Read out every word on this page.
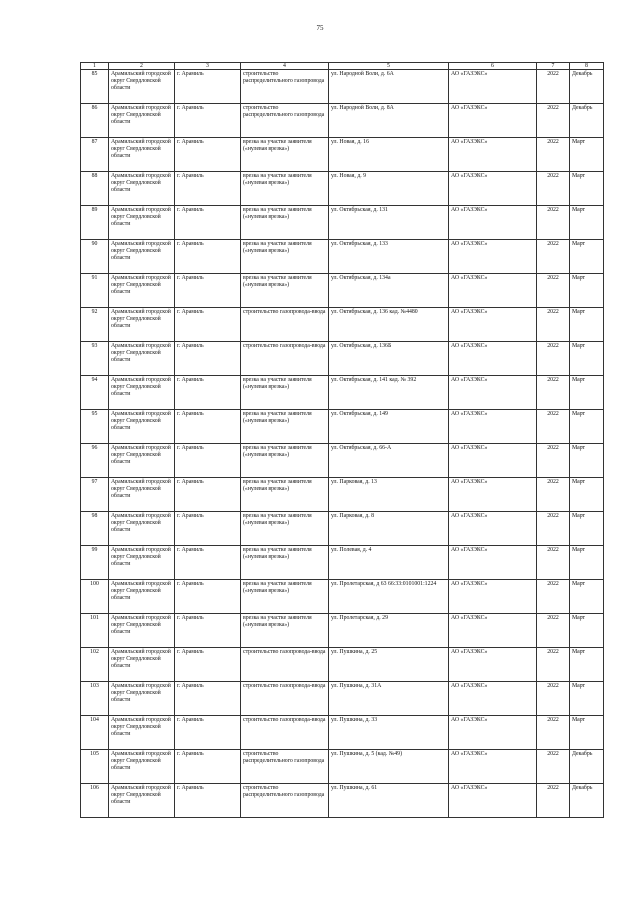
75
1	2	3	4	5	6	7	8
85	Арамильский городской округ Свердловской области	г. Арамиль	строительство распределительного газопровода	ул. Народной Воли, д. 6А	АО «ГАЗЭКС»	2022	Декабрь
86	Арамильский городской округ Свердловской области	г. Арамиль	строительство распределительного газопровода	ул. Народной Воли, д. 8А	АО «ГАЗЭКС»	2022	Декабрь
87	Арамильский городской округ Свердловской области	г. Арамиль	врезка на участке заявителя («нулевая врезка»)	ул. Новая, д. 16	АО «ГАЗЭКС»	2022	Март
88	Арамильский городской округ Свердловской области	г. Арамиль	врезка на участке заявителя («нулевая врезка»)	ул. Новая, д. 9	АО «ГАЗЭКС»	2022	Март
89	Арамильский городской округ Свердловской области	г. Арамиль	врезка на участке заявителя («нулевая врезка»)	ул. Октябрьская, д. 131	АО «ГАЗЭКС»	2022	Март
90	Арамильский городской округ Свердловской области	г. Арамиль	врезка на участке заявителя («нулевая врезка»)	ул. Октябрьская, д. 133	АО «ГАЗЭКС»	2022	Март
91	Арамильский городской округ Свердловской области	г. Арамиль	врезка на участке заявителя («нулевая врезка»)	ул. Октябрьская, д. 134а	АО «ГАЗЭКС»	2022	Март
92	Арамильский городской округ Свердловской области	г. Арамиль	строительство газопровода-ввода	ул. Октябрьская, д. 136 кад. №4480	АО «ГАЗЭКС»	2022	Март
93	Арамильский городской округ Свердловской области	г. Арамиль	строительство газопровода-ввода	ул. Октябрьская, д. 136Б	АО «ГАЗЭКС»	2022	Март
94	Арамильский городской округ Свердловской области	г. Арамиль	врезка на участке заявителя («нулевая врезка»)	ул. Октябрьская, д. 141 кад. № 392	АО «ГАЗЭКС»	2022	Март
95	Арамильский городской округ Свердловской области	г. Арамиль	врезка на участке заявителя («нулевая врезка»)	ул. Октябрьская, д. 149	АО «ГАЗЭКС»	2022	Март
96	Арамильский городской округ Свердловской области	г. Арамиль	врезка на участке заявителя («нулевая врезка»)	ул. Октябрьская, д. 66-А	АО «ГАЗЭКС»	2022	Март
97	Арамильский городской округ Свердловской области	г. Арамиль	врезка на участке заявителя («нулевая врезка»)	ул. Парковая, д. 13	АО «ГАЗЭКС»	2022	Март
98	Арамильский городской округ Свердловской области	г. Арамиль	врезка на участке заявителя («нулевая врезка»)	ул. Парковая, д. 8	АО «ГАЗЭКС»	2022	Март
99	Арамильский городской округ Свердловской области	г. Арамиль	врезка на участке заявителя («нулевая врезка»)	ул. Полевая, д. 4	АО «ГАЗЭКС»	2022	Март
100	Арамильский городской округ Свердловской области	г. Арамиль	врезка на участке заявителя («нулевая врезка»)	ул. Пролетарская, д 63 66:33:0101001:1224	АО «ГАЗЭКС»	2022	Март
101	Арамильский городской округ Свердловской области	г. Арамиль	врезка на участке заявителя («нулевая врезка»)	ул. Пролетарская, д. 29	АО «ГАЗЭКС»	2022	Март
102	Арамильский городской округ Свердловской области	г. Арамиль	строительство газопровода-ввода	ул. Пушкина, д. 25	АО «ГАЗЭКС»	2022	Март
103	Арамильский городской округ Свердловской области	г. Арамиль	строительство газопровода-ввода	ул. Пушкина, д. 31А	АО «ГАЗЭКС»	2022	Март
104	Арамильский городской округ Свердловской области	г. Арамиль	строительство газопровода-ввода	ул. Пушкина, д. 33	АО «ГАЗЭКС»	2022	Март
105	Арамильский городской округ Свердловской области	г. Арамиль	строительство распределительного газопровода	ул. Пушкина, д. 5 (кад. №49)	АО «ГАЗЭКС»	2022	Декабрь
106	Арамильский городской округ Свердловской области	г. Арамиль	строительство распределительного газопровода	ул. Пушкина, д. 61	АО «ГАЗЭКС»	2022	Декабрь
